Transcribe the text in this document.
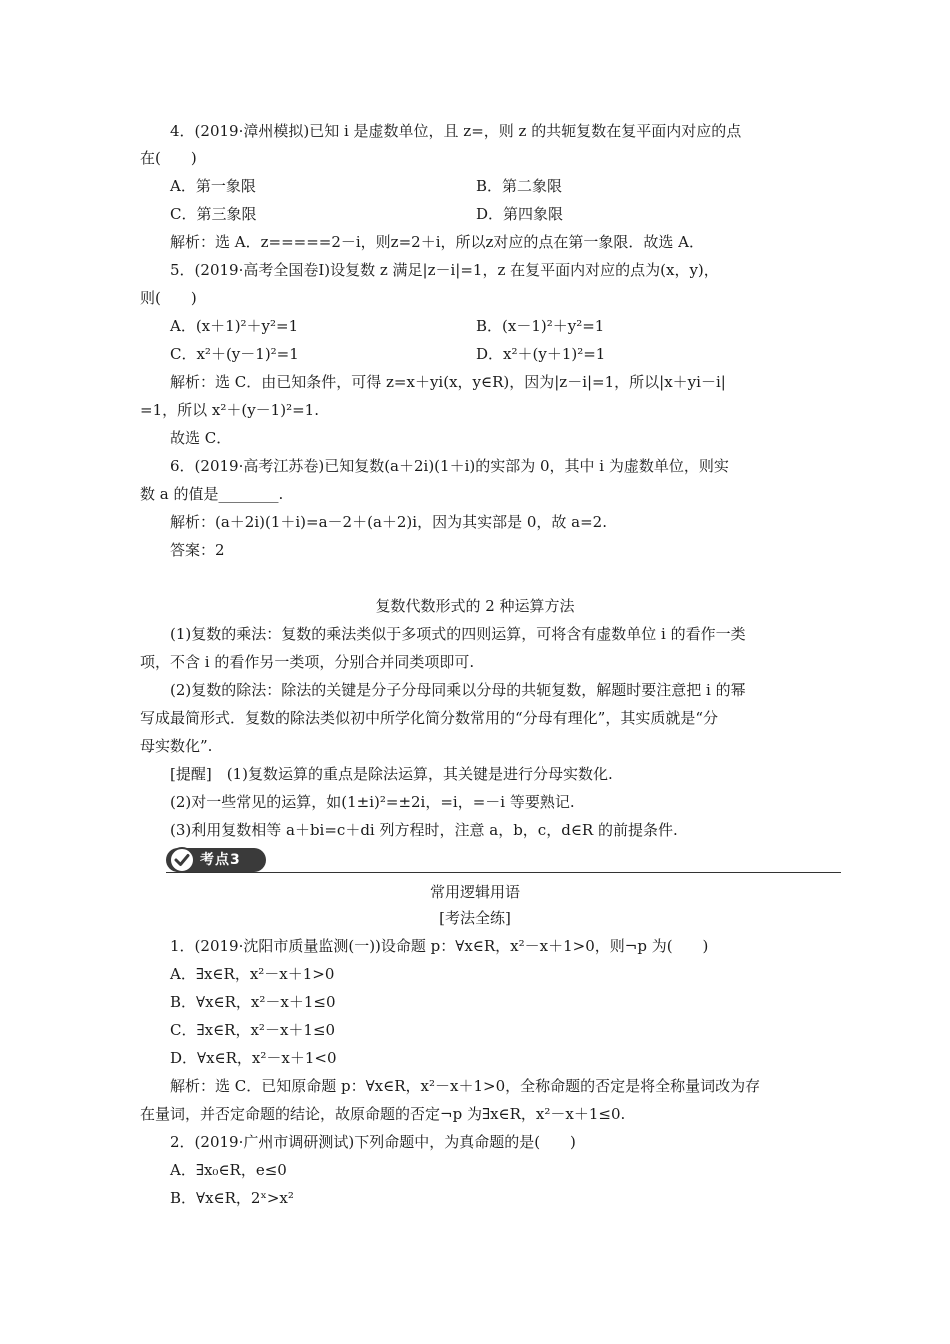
4．(2019·漳州模拟)已知 i 是虚数单位，且 z=，则 z 的共轭复数在复平面内对应的点
在(　　)
A．第一象限	B．第二象限
C．第三象限	D．第四象限
解析：选 A．z=====2－i，则z=2＋i，所以z对应的点在第一象限．故选 A．
5．(2019·高考全国卷Ⅰ)设复数 z 满足|z－i|=1，z 在复平面内对应的点为(x，y)，
则(　　)
A．(x＋1)²＋y²=1	B．(x－1)²＋y²=1
C．x²＋(y－1)²=1	D．x²＋(y＋1)²=1
解析：选 C．由已知条件，可得 z=x＋yi(x，y∈R)，因为|z－i|=1，所以|x＋yi－i|
=1，所以 x²＋(y－1)²=1.
故选 C．
6．(2019·高考江苏卷)已知复数(a＋2i)(1＋i)的实部为 0，其中 i 为虚数单位，则实
数 a 的值是________.
解析：(a＋2i)(1＋i)=a－2＋(a＋2)i，因为其实部是 0，故 a=2.
答案：2
复数代数形式的 2 种运算方法
(1)复数的乘法：复数的乘法类似于多项式的四则运算，可将含有虚数单位 i 的看作一类
项，不含 i 的看作另一类项，分别合并同类项即可.
(2)复数的除法：除法的关键是分子分母同乘以分母的共轭复数，解题时要注意把 i 的幂
写成最简形式．复数的除法类似初中所学化简分数常用的“分母有理化”，其实质就是“分
母实数化”.
[提醒]　(1)复数运算的重点是除法运算，其关键是进行分母实数化.
(2)对一些常见的运算，如(1±i)²=±2i，=i，=－i 等要熟记.
(3)利用复数相等 a＋bi=c＋di 列方程时，注意 a，b，c，d∈R 的前提条件.
考点3
常用逻辑用语
[考法全练]
1．(2019·沈阳市质量监测(一))设命题 p：∀x∈R，x²－x＋1>0，则¬p 为(　　)
A．∃x∈R，x²－x＋1>0
B．∀x∈R，x²－x＋1≤0
C．∃x∈R，x²－x＋1≤0
D．∀x∈R，x²－x＋1<0
解析：选 C．已知原命题 p：∀x∈R，x²－x＋1>0，全称命题的否定是将全称量词改为存
在量词，并否定命题的结论，故原命题的否定¬p 为∃x∈R，x²－x＋1≤0.
2．(2019·广州市调研测试)下列命题中，为真命题的是(　　)
A．∃x₀∈R，e≤0
B．∀x∈R，2ˣ>x²
